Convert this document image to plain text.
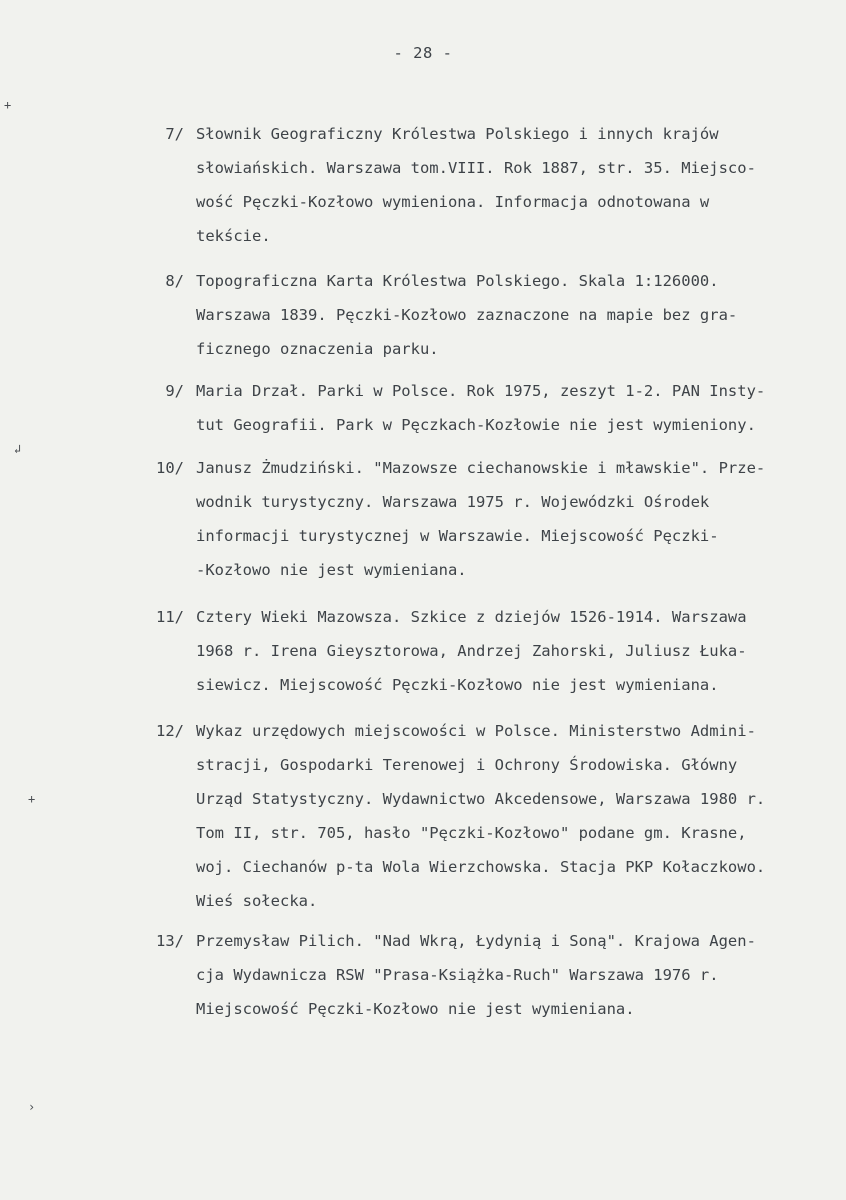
- 28 -
+
↲
+
›
7/ Słownik Geograficzny Królestwa Polskiego i innych krajów
słowiańskich. Warszawa tom.VIII. Rok 1887, str. 35. Miejsco-
wość Pęczki-Kozłowo wymieniona. Informacja odnotowana w
tekście.
8/ Topograficzna Karta Królestwa Polskiego. Skala 1:126000.
Warszawa 1839. Pęczki-Kozłowo zaznaczone na mapie bez gra-
ficznego oznaczenia parku.
9/ Maria Drzał. Parki w Polsce. Rok 1975, zeszyt 1-2. PAN Insty-
tut Geografii. Park w Pęczkach-Kozłowie nie jest wymieniony.
10/ Janusz Żmudziński. "Mazowsze ciechanowskie i mławskie". Prze-
wodnik turystyczny. Warszawa 1975 r. Wojewódzki Ośrodek
informacji turystycznej w Warszawie. Miejscowość Pęczki-
-Kozłowo nie jest wymieniana.
11/ Cztery Wieki Mazowsza. Szkice z dziejów 1526-1914. Warszawa
1968 r. Irena Gieysztorowa, Andrzej Zahorski, Juliusz Łuka-
siewicz. Miejscowość Pęczki-Kozłowo nie jest wymieniana.
12/ Wykaz urzędowych miejscowości w Polsce. Ministerstwo Admini-
stracji, Gospodarki Terenowej i Ochrony Środowiska. Główny
Urząd Statystyczny. Wydawnictwo Akcedensowe, Warszawa 1980 r.
Tom II, str. 705, hasło "Pęczki-Kozłowo" podane gm. Krasne,
woj. Ciechanów p-ta Wola Wierzchowska. Stacja PKP Kołaczkowo.
Wieś sołecka.
13/ Przemysław Pilich. "Nad Wkrą, Łydynią i Soną". Krajowa Agen-
cja Wydawnicza RSW "Prasa-Książka-Ruch" Warszawa 1976 r.
Miejscowość Pęczki-Kozłowo nie jest wymieniana.
